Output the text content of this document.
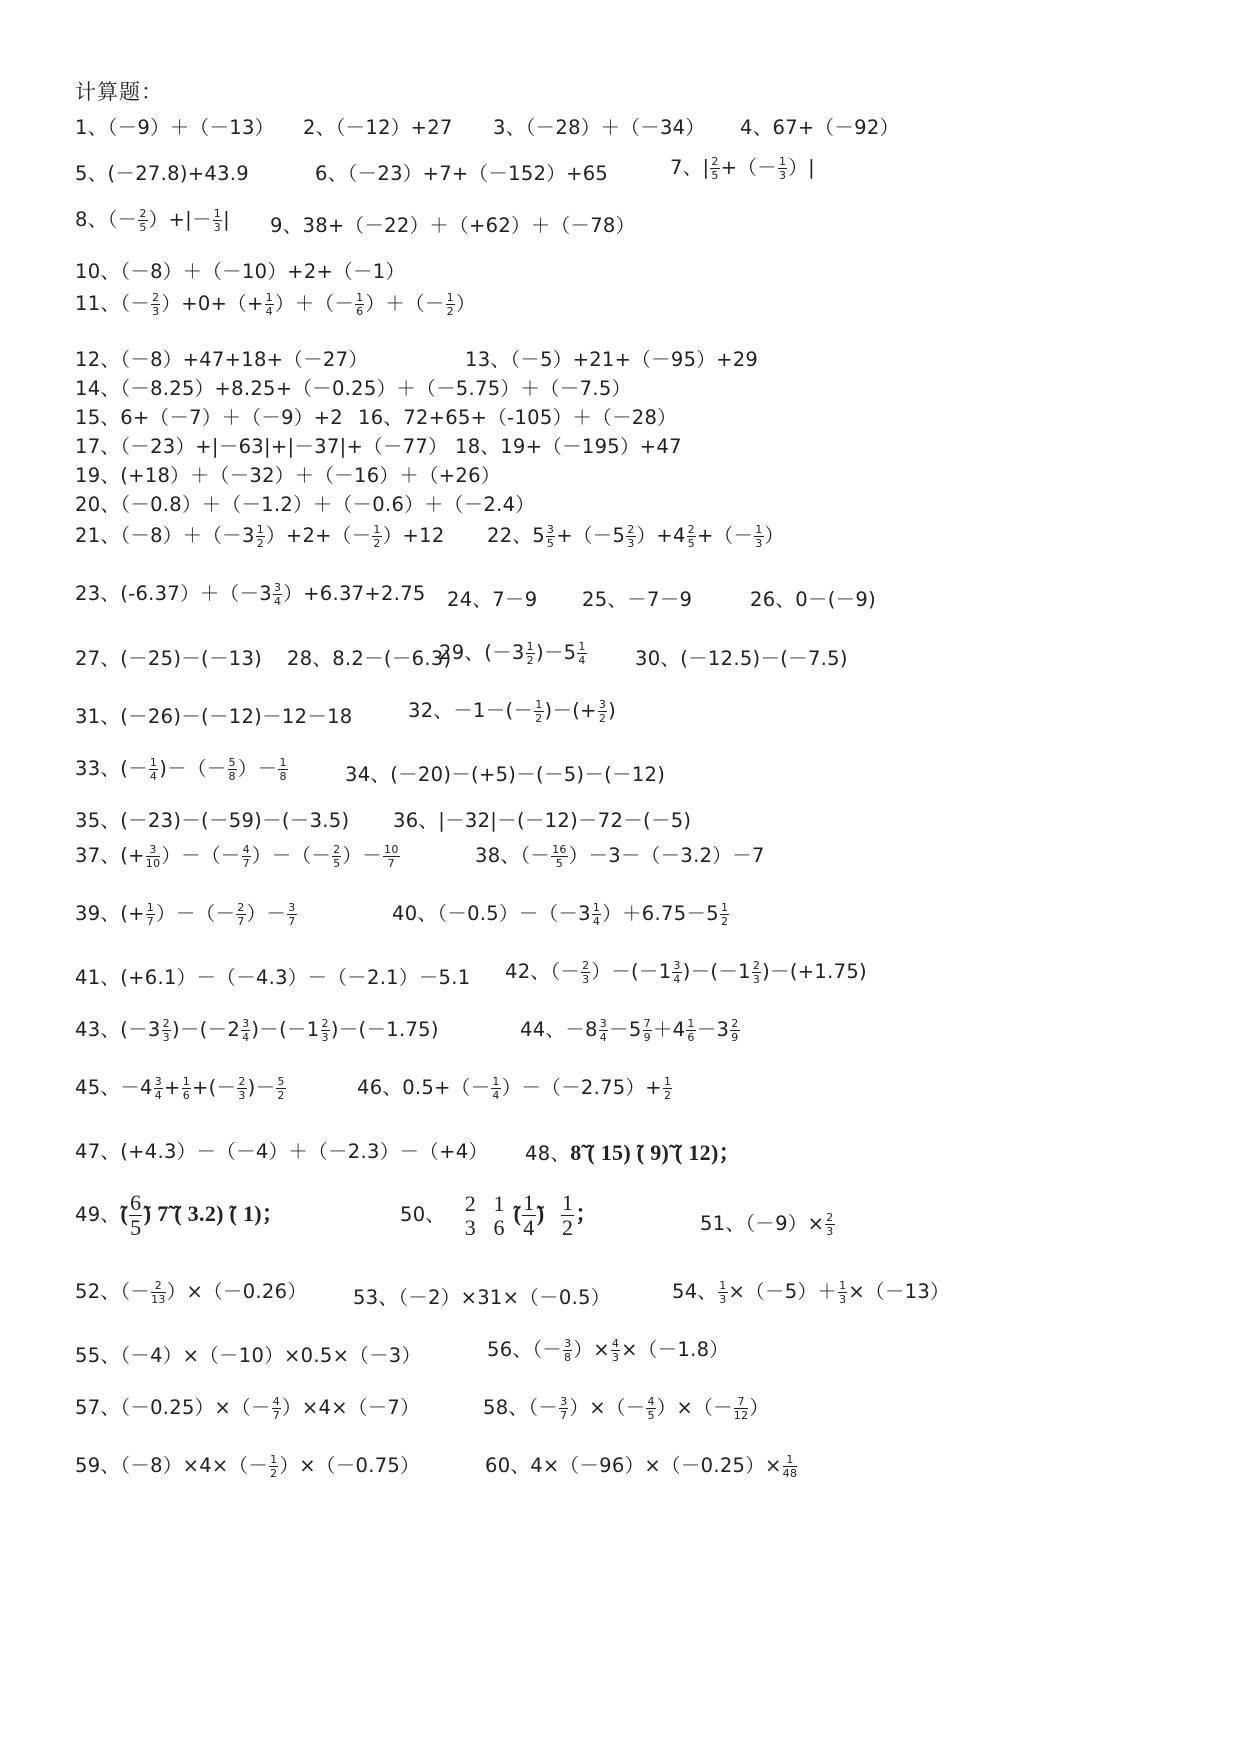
计算题：
1、（－9）＋（－13） 2、（－12）+27 3、（－28）＋（－34） 4、67+（－92）
5、(－27.8)+43.9	6、（－23）+7+（－152）+65	7、| $\frac{2}{5}$ +（－ $\frac{1}{3}$ ）|
8、（－ $\frac{2}{5}$ ）+|－ $\frac{1}{3}$ | 9、38+（－22）＋（+62）＋（－78）
10、（－8）＋（－10）+2+（－1）
11、（－ $\frac{2}{3} )+0+(+ \frac{1}{4}$ ）＋（－ $\frac{1}{6}$ ）＋（－ $\frac{1}{2}$ ）
12、（－8）+47+18+（－27）	13、（－5）+21+（－95）+29
14、（－8.25）+8.25+（－0.25）＋（－5.75）＋（－7.5）
15、6+（－7）＋（－9）+2 16、72+65+（-105）＋（－28）
17、（－23）+|－63|+|－37|+（－77） 18、19+（－195）+47
19、(+18）＋（－32）＋（－16）＋（+26）
20、（－0.8）＋（－1.2）＋（－0.6）＋（－2.4）
21、$(-8)+(-3 \frac{1}{2} )+2+(- \frac{1}{2} )+12$ 22、$5 \frac{3}{5} +(-5 \frac{2}{3} )+4 \frac{2}{5}$ +（－ $\frac{1}{3}$ ）
23、$(-6.37)+(-3 \frac{3}{4} )+6.37+2.75$ 24、7－9 25、－7－9	26、0－(－9)
27、(－25)－(－13) 28、8.2－(－6.3)
29、$(-3 \frac{1}{2} )-5 \frac{1}{4} 30$、(－12.5)－(－7.5)
31、(－26)－(－12)－12－18	32、$-1-(- \frac{1}{2}$ )－(+ $\frac{3}{2}$ )
33、(－ $\frac{1}{4}$ )－（－ $\frac{5}{8}$ ）－ $\frac{1}{8}$	34、(－20)－(+5)－(－5)－(－12)
35、(－23)－(－59)－(－3.5) 36、|－32|－(－12)－72－(－5)
37、(+ $\frac{3}{10}$ ）－（－ $\frac{4}{7}$ ）－（－ $\frac{2}{5}$ ）－ $\frac{10}{7}$	38、（－ $\frac{16}{5} )-3-(-3.2)-7$
39、(+ $\frac{1}{7}$ ）－（－ $\frac{2}{7}$ ）－ $\frac{3}{7}$	40、$(-0.5)-(-3 \frac{1}{4} )+6.75-5 \frac{1}{2}$
41、(+6.1）－（－4.3）－（－2.1）－5.1 42、（－ $\frac{2}{3} )-(-1 \frac{3}{4} )-(-1 \frac{2}{3} )-(+1.75)$
43、$(-3 \frac{2}{3} )-(-2 \frac{3}{4} )-(-1 \frac{2}{3} )-(-1.75)$	44、$-8 \frac{3}{4} -5 \frac{7}{9} +4 \frac{1}{6} -3 \frac{2}{9}$
45、$-4 \frac{3}{4} + \frac{1}{6}$ +(－ $\frac{2}{3}$ )－ $\frac{5}{2}$	46、$0.5+(- \frac{1}{4} )-(-2.75)+ \frac{1}{2}$
47、(+4.3）－（－4）＋（－2.3）－（+4） 48、8̃ ̃( 15) ̃( 9)̃ ̃( 12)；
49、̃( $\frac{6}{5}$ ̃) 7̃ ̃( 3.2) ̃( 1)；	50、 2
3

1
6
̃( $\frac{1}{4}$ ̃) $\frac{1}{2}$ ；	51、$(-9)\times \frac{2}{3}$
52、（－ $\frac{2}{13} )\times(-0.26)$ 53、（－2）×31×（－0.5）	54、 $\frac{1}{3} \times(-5)+ \frac{1}{3} \times(-13)$
55、（－4）×（－10）×0.5×（－3）	56、（－ $\frac{3}{8}$ ）× $\frac{4}{3} \times(-1.8)$
57、$(-0.25)\times(- \frac{4}{7} )\times 4\times(-7)$	58、（－ $\frac{3}{7}$ ）×（－ $\frac{4}{5}$ ）×（－ $\frac{7}{12}$ ）
59、$(-8)\times 4\times(- \frac{1}{2} )\times(-0.75)$	60、$4\times(-96)\times(-0.25)\times \frac{1}{48}$
